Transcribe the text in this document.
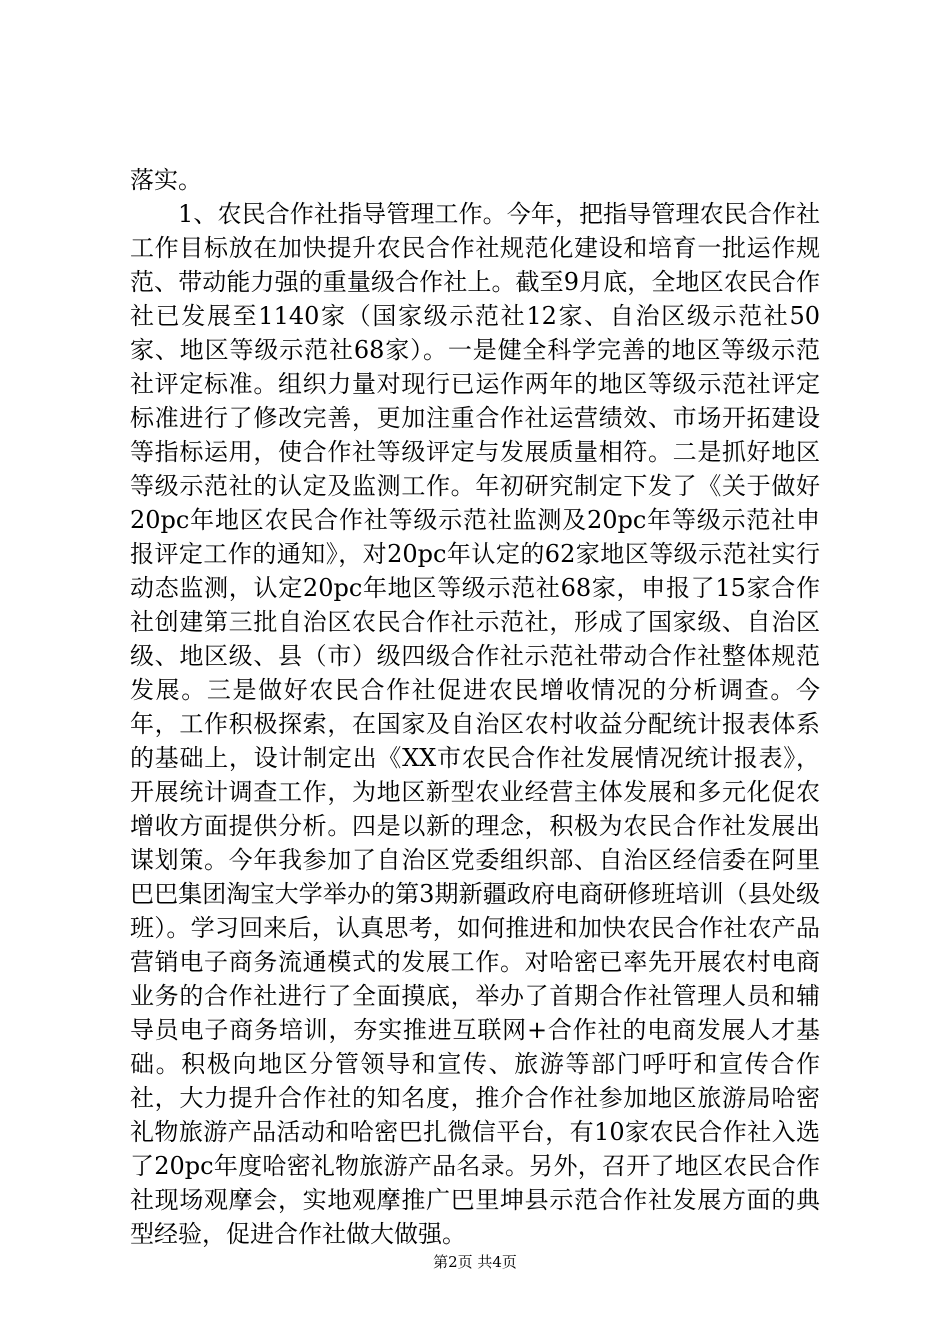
落实。

1、农民合作社指导管理工作。今年，把指导管理农民合作社工作目标放在加快提升农民合作社规范化建设和培育一批运作规范、带动能力强的重量级合作社上。截至9月底，全地区农民合作社已发展至1140家（国家级示范社12家、自治区级示范社50家、地区等级示范社68家）。一是健全科学完善的地区等级示范社评定标准。组织力量对现行已运作两年的地区等级示范社评定标准进行了修改完善，更加注重合作社运营绩效、市场开拓建设等指标运用，使合作社等级评定与发展质量相符。二是抓好地区等级示范社的认定及监测工作。年初研究制定下发了《关于做好20pc年地区农民合作社等级示范社监测及20pc年等级示范社申报评定工作的通知》，对20pc年认定的62家地区等级示范社实行动态监测，认定20pc年地区等级示范社68家，申报了15家合作社创建第三批自治区农民合作社示范社，形成了国家级、自治区级、地区级、县（市）级四级合作社示范社带动合作社整体规范发展。三是做好农民合作社促进农民增收情况的分析调查。今年，工作积极探索，在国家及自治区农村收益分配统计报表体系的基础上，设计制定出《XX市农民合作社发展情况统计报表》，开展统计调查工作，为地区新型农业经营主体发展和多元化促农增收方面提供分析。四是以新的理念，积极为农民合作社发展出谋划策。今年我参加了自治区党委组织部、自治区经信委在阿里巴巴集团淘宝大学举办的第3期新疆政府电商研修班培训（县处级班）。学习回来后，认真思考，如何推进和加快农民合作社农产品营销电子商务流通模式的发展工作。对哈密已率先开展农村电商业务的合作社进行了全面摸底，举办了首期合作社管理人员和辅导员电子商务培训，夯实推进互联网+合作社的电商发展人才基础。积极向地区分管领导和宣传、旅游等部门呼吁和宣传合作社，大力提升合作社的知名度，推介合作社参加地区旅游局哈密礼物旅游产品活动和哈密巴扎微信平台，有10家农民合作社入选了20pc年度哈密礼物旅游产品名录。另外，召开了地区农民合作社现场观摩会，实地观摩推广巴里坤县示范合作社发展方面的典型经验，促进合作社做大做强。

第2页 共4页
